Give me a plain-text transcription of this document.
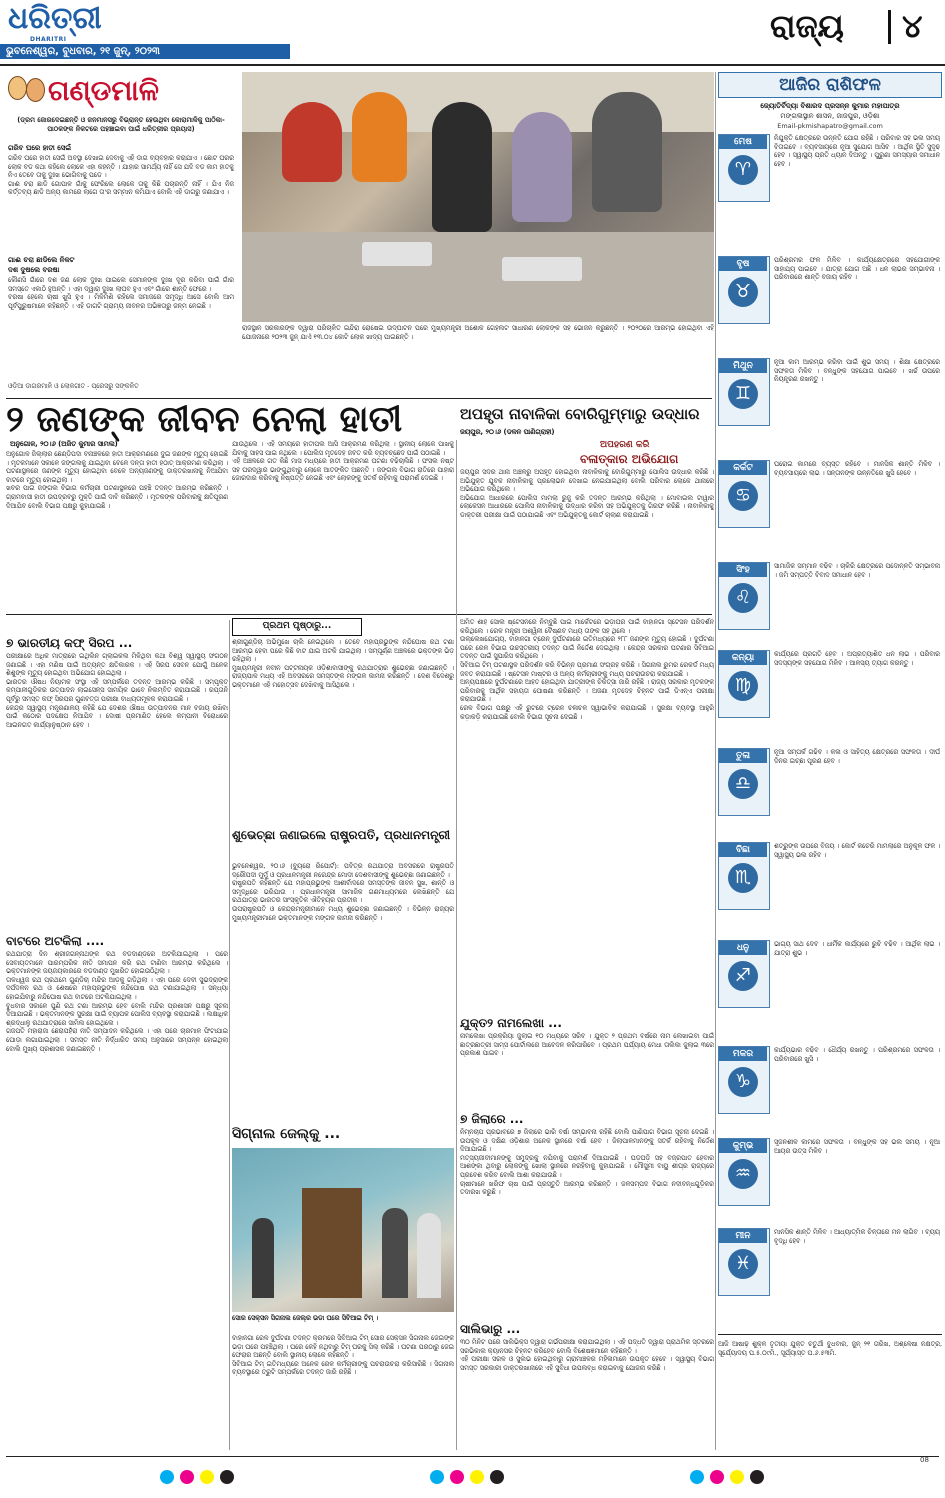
ଧରିତ୍ରୀ
DHARITRI
ଭୁବନେଶ୍ୱର, ବୁଧବାର, ୨୧ ଜୁନ୍, ୨୦୨୩
ରାଜ୍ୟ ୪
ଗଣ୍ଡମାଳି
(ଡ୍ରମ ଜୋରଦେଇଛନ୍ତି ଓ ଜନମାନସରୁ ବିଭ୍ରାନ୍ତ ହେଉଥିବା କୋରାମାଳିକୁ ପାଠିକା-ପାଠକଙ୍କ ନିକଟରେ ପହଞ୍ଚାଇବା ପାଇଁ ଧରିତ୍ରୀର ପ୍ରୟାସ)
ଗରିବ ଘରେ ହାତୀ ସେଇଁ
ଗରିବ ଘରେ ହାତୀ ସେଇଁ ଅବସ୍ଥା ଦେଖାଇ ଦେବାକୁ ଏହି ଡାଗ ବ୍ୟବହାର କରାଯାଏ । ଛୋଟ ଘରର ଲୋକ ବଡ କଥା କହିଲେ ଲୋକେ ଏହା କହନ୍ତି । ଯାହାର ସାମର୍ଥ୍ୟ ନାହିଁ ସେ ଯଦି ବଡ କାମ ହାତକୁ ନିଏ ତେବେ ତାକୁ ଦୁଃଖ ଭୋଗିବାକୁ ପଡେ ।
ଗାଈ ଚରା ଛାଡି ଗୋପାଳ ଗାଁକୁ ଫେରିଲେ ଲୋକେ ତାକୁ କିଛି ପଚାରନ୍ତି ନାହିଁ । ଯିଏ ନିଜ କର୍ତ୍ତବ୍ୟ ଛାଡି ଅନ୍ୟ କାମରେ ଲାଗେ ତା'ର ସମ୍ମାନ କମିଯାଏ ବୋଲି ଏହି ଡାଗରୁ ଜଣାଯାଏ ।
ଗାଈ ଚରା ଛାଡିଲେ ନିକଟ
ଦଶ ଦୁଷଲେ ବରଷା
କୌଣସି ଗାଁରେ ଦଶ ଜଣ ଲୋକ ଦୁଃଖ ପାଇଲେ ସେମାନଙ୍କ ଦୁଃଖ ଦୂର କରିବା ପାଇଁ ଗାଁର ସମସ୍ତେ ଏକାଠି ହୁଅନ୍ତି । ଏହା ଦ୍ୱାରା ଦୁଃଖ ଲାଘବ ହୁଏ ଏବଂ ଗାଁରେ ଶାନ୍ତି ଫେରେ ।
ବରଷା ହେଲେ ଚାଷୀ ଖୁସି ହୁଏ । ମିଳିମିଶି ରହିଲେ ସମାଜରେ ସମୃଦ୍ଧି ଆସେ ବୋଲି ଆମ ପୂର୍ବପୁରୁଷମାନେ କହିଛନ୍ତି । ଏହି ଡାଗଟି ଗ୍ରାମ୍ୟ ଜୀବନର ଅଭିଜ୍ଞତାରୁ ଜନ୍ମ ନେଇଛି ।
ଓଡ଼ିଆ ଡାଗରମାଳି ଓ ଲୋକଗୀତ - ପ୍ରେସରୁ ସଙ୍କଳିତ
ରାଜସ୍ଥାନ ସରକାରଙ୍କ ଦ୍ୱାରା ପରିଚାଳିତ ଇନ୍ଦିରା ରୋଷେଇ ଉଦ୍‌ଘାଟନ ପରେ ମୁଖ୍ୟମନ୍ତ୍ରୀ ଅଶୋକ ଗେହଲଟ ସାଧାରଣ ଲୋକଙ୍କ ସହ ଭୋଜନ କରୁଛନ୍ତି । ୨୦୨୦ରେ ଆରମ୍ଭ ହୋଇଥିବା ଏହି ଯୋଜନାରେ ୨୦୨୩ ଜୁନ୍ ଯାଏଁ ୧୩.୦୪ କୋଟି ଲୋକ ଖାଦ୍ୟ ପାଇଛନ୍ତି ।
ଆଜିର ରାଶିଫଳ
ଜ୍ୟୋତିର୍ବିଦ୍ୟା ବିଶାରଦ ପ୍ରସନ୍ନ କୁମାର ମହାପାତ୍ର
ମଙ୍ଗଳାସ୍ଥାନ ଶାସନ, ଜାଜପୁର, ଓଡ଼ିଶା
Email-pkmishapatro@gmail.com
ମେଷ
♈
ନିଯୁକ୍ତି କ୍ଷେତ୍ରରେ ଉନ୍ନତି ଯୋଗ ରହିଛି । ପରିବାର ସହ ଭଲ ସମୟ ବିତାଇବେ । ବ୍ୟବସାୟରେ ନୂଆ ସୁଯୋଗ ଆସିବ । ଆର୍ଥିକ ସ୍ଥିତି ସୁଦୃଢ ହେବ । ସ୍ୱାସ୍ଥ୍ୟ ପ୍ରତି ଧ୍ୟାନ ଦିଅନ୍ତୁ । ପୁରୁଣା ସମସ୍ୟାର ସମାଧାନ ହେବ ।
ବୃଷ
♉
ପରିଶ୍ରମର ଫଳ ମିଳିବ । କାର୍ଯ୍ୟକ୍ଷେତ୍ରରେ ସହଯୋଗୀଙ୍କ ସାହାଯ୍ୟ ପାଇବେ । ଯାତ୍ରା ଯୋଗ ଅଛି । ଧନ ଲାଭର ସମ୍ଭାବନା । ପରିବାରରେ ଶାନ୍ତି ବଜାୟ ରହିବ ।
ମିଥୁନ
♊
ନୂଆ କାମ ଆରମ୍ଭ କରିବା ପାଇଁ ଶୁଭ ସମୟ । ଶିକ୍ଷା କ୍ଷେତ୍ରରେ ସଫଳତା ମିଳିବ । ବନ୍ଧୁଙ୍କ ସହଯୋଗ ପାଇବେ । ଖର୍ଚ୍ଚ ଉପରେ ନିୟନ୍ତ୍ରଣ ରଖନ୍ତୁ ।
କର୍କଟ
♋
ଘରୋଇ କାମରେ ବ୍ୟସ୍ତ ରହିବେ । ମାନସିକ ଶାନ୍ତି ମିଳିବ । ବ୍ୟବସାୟରେ ଲାଭ । ସନ୍ତାନଙ୍କ ଉନ୍ନତିରେ ଖୁସି ହେବେ ।
ସିଂହ
♌
ସାମାଜିକ ସମ୍ମାନ ବଢିବ । ଚାକିରି କ୍ଷେତ୍ରରେ ପଦୋନ୍ନତି ସମ୍ଭାବନା । ଜମି ସମ୍ପତ୍ତି ବିବାଦ ସମାଧାନ ହେବ ।
କନ୍ୟା
♍
କାର୍ଯ୍ୟରେ ପ୍ରଗତି ହେବ । ଅପ୍ରତ୍ୟାଶିତ ଧନ ଲାଭ । ପରିବାର ସଦସ୍ୟଙ୍କ ସହଯୋଗ ମିଳିବ । ଆଳସ୍ୟ ତ୍ୟାଗ କରନ୍ତୁ ।
ତୁଳା
♎
ନୂଆ ସମ୍ପର୍କ ଗଢିବ । କଳା ଓ ସାହିତ୍ୟ କ୍ଷେତ୍ରରେ ସଫଳତା । ଦୀର୍ଘ ଦିନର ଇଚ୍ଛା ପୂରଣ ହେବ ।
ବିଛା
♏
ଶତ୍ରୁଙ୍କ ଉପରେ ବିଜୟ । କୋର୍ଟ କଚେରି ମାମଲାରେ ଅନୁକୂଳ ଫଳ । ସ୍ୱାସ୍ଥ୍ୟ ଭଲ ରହିବ ।
ଧନୁ
♐
ଭାଗ୍ୟ ସାଥ ଦେବ । ଧାର୍ମିକ କାର୍ଯ୍ୟରେ ରୁଚି ବଢିବ । ଆର୍ଥିକ ଲାଭ । ଯାତ୍ରା ଶୁଭ ।
ମକର
♑
କାର୍ଯ୍ୟଭାର ବଢିବ । ଧୈର୍ଯ୍ୟ ରଖନ୍ତୁ । ପରିଶ୍ରମରେ ସଫଳତା । ପରିବାରରେ ଖୁସି ।
କୁମ୍ଭ
♒
ସୃଜନଶୀଳ କାମରେ ସଫଳତା । ବନ୍ଧୁଙ୍କ ସହ ଭଲ ସମୟ । ନୂଆ ଆୟର ଉତ୍ସ ମିଳିବ ।
ମୀନ
♓
ମାନସିକ ଶାନ୍ତି ମିଳିବ । ଆଧ୍ୟାତ୍ମିକ ଚିନ୍ତାରେ ମନ ଲାଗିବ । ବ୍ୟୟ ବୃଦ୍ଧି ହେବ ।
ଆଜି ଆଷାଢ଼ ଶୁକ୍ଳ ତୃତୀୟା ଯୁକ୍ତ ଚତୁର୍ଥୀ ବୁଧବାର, ଜୁନ୍ ୨୧ ତାରିଖ, ଅଶ୍ଳେଷା ନକ୍ଷତ୍ର, ସୂର୍ଯ୍ୟୋଦୟ ଘ.୫.୦୯ମି., ସୂର୍ଯ୍ୟାସ୍ତ ଘ.୬.୫୩ମି.
୨ ଜଣଙ୍କ ଜୀବନ ନେଲା ହାତୀ
ଅନୁଗୋଳ, ୨୦।୬ (ଅଜିତ କୁମାର ସାମଲ)
ଅନୁଗୋଳ ଜିଲ୍ଲାର ଛେଣ୍ଡିପଦା ବନାଞ୍ଚଳରେ ହାତୀ ଆକ୍ରମଣରେ ଦୁଇ ଜଣଙ୍କ ମୃତ୍ୟୁ ହୋଇଛି । ମୃତକମାନେ ସକାଳେ ଜଙ୍ଗଲକୁ ଯାଇଥିବା ବେଳେ ଦନ୍ତା ହାତୀ ହଠାତ୍ ଆକ୍ରମଣ କରିଥିଲା । ଘଟଣାସ୍ଥଳରେ ଜଣଙ୍କ ମୃତ୍ୟୁ ହୋଇଥିବା ବେଳେ ଅନ୍ୟଜଣଙ୍କୁ ଡାକ୍ତରଖାନାକୁ ନିଆଯିବା ବାଟରେ ମୃତ୍ୟୁ ହୋଇଥିଲା ।
ଖବର ପାଇ ଜଙ୍ଗଲ ବିଭାଗ କର୍ମଚାରୀ ଘଟଣାସ୍ଥଳରେ ପହଞ୍ଚି ତଦନ୍ତ ଆରମ୍ଭ କରିଛନ୍ତି । ଗ୍ରାମବାସୀ ହାତୀ ଉପଦ୍ରବରୁ ମୁକ୍ତି ପାଇଁ ଦାବି କରିଛନ୍ତି । ମୃତକଙ୍କ ପରିବାରକୁ କ୍ଷତିପୂରଣ ଦିଆଯିବ ବୋଲି ବିଭାଗ ପକ୍ଷରୁ କୁହାଯାଇଛି ।
ଯାଉଥିଲେ । ଏହି ସମୟରେ ହାତୀପଲ ଆସି ଆକ୍ରମଣ କରିଥିଲା । ସ୍ଥାନୀୟ ଲୋକେ ପାଖକୁ ଯିବାକୁ ସାହସ ପାଇ ନଥିଲେ । ପୋଲିସ ମୃତଦେହ ଜବତ କରି ବ୍ୟବଚ୍ଛେଦ ପାଇଁ ପଠାଇଛି ।
ଏହି ଅଞ୍ଚଳରେ ଗତ କିଛି ମାସ ମଧ୍ୟରେ ହାତୀ ଆକ୍ରମଣ ଘଟଣା ବଢିଚାଲିଛି । ଫସଲ ନଷ୍ଟ ସହ ଘରଦ୍ୱାର ଭାଙ୍ଗୁଥିବାରୁ ଲୋକେ ଆତଙ୍କିତ ଅଛନ୍ତି । ଜଙ୍ଗଲ ବିଭାଗ ରାତିରେ ପାହାରା ଜୋରଦାର କରିବାକୁ ନିଷ୍ପତ୍ତି ନେଇଛି ଏବଂ ଲୋକଙ୍କୁ ସତର୍କ ରହିବାକୁ ପରାମର୍ଶ ଦେଇଛି ।
ଅପହୃତା ନାବାଳିକା ବୋରିଗୁମ୍ମାରୁ ଉଦ୍ଧାର
ଜୟପୁର, ୨୦।୬ (ଡଳନ ପାଣିଗ୍ରାହୀ)
ଅପହରଣ କରି
ବଳାତ୍କାର ଅଭିଯୋଗ
ଜୟପୁର ସଦର ଥାନା ଅଞ୍ଚଳରୁ ଅପହୃତ ହୋଇଥିବା ନାବାଳିକାକୁ ବୋରିଗୁମ୍ମାରୁ ପୋଲିସ ଉଦ୍ଧାର କରିଛି । ଅଭିଯୁକ୍ତ ଯୁବକ ନାବାଳିକାକୁ ପ୍ରଲୋଭନ ଦେଖାଇ ନେଇଯାଇଥିଲା ବୋଲି ପରିବାର ଲୋକେ ଥାନାରେ ଅଭିଯୋଗ କରିଥିଲେ ।
ଅଭିଯୋଗ ଆଧାରରେ ପୋଲିସ ମାମଲା ରୁଜୁ କରି ତଦନ୍ତ ଆରମ୍ଭ କରିଥିଲା । ମୋବାଇଲ ଟାୱାର ଲୋକେସନ ଆଧାରରେ ପୋଲିସ ନାବାଳିକାକୁ ଉଦ୍ଧାର କରିବା ସହ ଅଭିଯୁକ୍ତକୁ ଗିରଫ କରିଛି । ନାବାଳିକାକୁ ଡାକ୍ତରୀ ପରୀକ୍ଷା ପାଇଁ ପଠାଯାଇଛି ଏବଂ ଅଭିଯୁକ୍ତକୁ କୋର୍ଟ ଚାଲାଣ କରାଯାଇଛି ।
ପ୍ରଥମ ପୃଷ୍ଠାରୁ...
୭ ଭାରତୀୟ କଫ୍ ସିରପ ...
ପରୀକ୍ଷାରେ ଅଧିକ ମାତ୍ରାରେ ଇଥିଲିନ ଗ୍ଲାଇକଲ ମିଳିଥିବା କଥା ବିଶ୍ୱ ସ୍ୱାସ୍ଥ୍ୟ ସଂଗଠନ ଜଣାଇଛି । ଏହା ମଣିଷ ପାଇଁ ଅତ୍ୟନ୍ତ କ୍ଷତିକାରକ । ଏହି ସିରପ ସେବନ ଯୋଗୁଁ ଅନେକ ଶିଶୁଙ୍କ ମୃତ୍ୟୁ ହୋଇଥିବା ଅଭିଯୋଗ ହୋଇଥିଲା ।
ଭାରତର ଔଷଧ ନିୟାମକ ସଂସ୍ଥା ଏହି ସମ୍ପର୍କରେ ତଦନ୍ତ ଆରମ୍ଭ କରିଛି । ସମ୍ପୃକ୍ତ କମ୍ପାନୀଗୁଡ଼ିକର ଉତ୍ପାଦନ ଲାଇସେନ୍ସ ସାମୟିକ ଭାବେ ନିଲମ୍ବିତ କରାଯାଇଛି । ରପ୍ତାନି ପୂର୍ବରୁ ସମସ୍ତ କଫ୍ ସିରପର ଗୁଣବତ୍ତା ପରୀକ୍ଷା ବାଧ୍ୟତାମୂଳକ କରାଯାଇଛି ।
କେନ୍ଦ୍ର ସ୍ୱାସ୍ଥ୍ୟ ମନ୍ତ୍ରଣାଳୟ କହିଛି ଯେ ଦେଶର ଔଷଧ ଉତ୍ପାଦନର ମାନ ବଜାୟ ରଖିବା ପାଇଁ କଠୋର ପଦକ୍ଷେପ ନିଆଯିବ । ଦୋଷୀ ପ୍ରମାଣିତ ହେଲେ କମ୍ପାନୀ ବିରୋଧରେ ଆଇନଗତ କାର୍ଯ୍ୟାନୁଷ୍ଠାନ ହେବ ।
ବାଟରେ ଅଟକିଲା ....
ରଥଯାତ୍ରା ଦିନ ଶ୍ରୀଜଗନ୍ନାଥଙ୍କ ରଥ ବଡଦାଣ୍ଡରେ ଅଟକିଯାଇଥିଲା । ପରେ ସେବାୟତମାନେ ପାରମ୍ପରିକ ନୀତି ସମାପନ କରି ରଥ ଟାଣିବା ଆରମ୍ଭ କରିଥିଲେ । ଭକ୍ତମାନଙ୍କ ଜୟଜୟକାରରେ ବଡଦାଣ୍ଡ ମୁଖରିତ ହୋଇଉଠିଥିଲା ।
ତାଳଧ୍ୱଜ ରଥ ପ୍ରଥମେ ଗୁଣ୍ଡିଚା ମନ୍ଦିର ଆଡ଼କୁ ଗଡ଼ିଥିଲା । ଏହା ପରେ ଦେବୀ ସୁଭଦ୍ରାଙ୍କ ଦର୍ପଦଳନ ରଥ ଓ ଶେଷରେ ମହାପ୍ରଭୁଙ୍କ ନନ୍ଦିଘୋଷ ରଥ ଟଣାଯାଇଥିଲା । ସନ୍ଧ୍ୟା ହୋଇଯିବାରୁ ନନ୍ଦିଘୋଷ ରଥ ବାଟରେ ଅଟକିଯାଇଥିଲା ।
ବୁଧବାର ସକାଳେ ପୁଣି ରଥ ଟଣା ଆରମ୍ଭ ହେବ ବୋଲି ମନ୍ଦିର ପ୍ରଶାସନ ପକ୍ଷରୁ ସୂଚନା ଦିଆଯାଇଛି । ଭକ୍ତମାନଙ୍କ ସୁରକ୍ଷା ପାଇଁ ବ୍ୟାପକ ପୋଲିସ ବ୍ୟବସ୍ଥା କରାଯାଇଛି । ଲକ୍ଷାଧିକ ଶ୍ରଦ୍ଧାଳୁ ରଥଯାତ୍ରାରେ ସାମିଲ ହୋଇଥିଲେ ।
ଗଜପତି ମହାରାଜା ଛେରାପହଁରା ନୀତି ସମ୍ପାଦନ କରିଥିଲେ । ଏହା ପରେ ଚାରମାଳ ଫିଟାଯାଇ ଘୋଡ଼ା ଲଗାଯାଇଥିଲା । ସମସ୍ତ ନୀତି ନିର୍ଦ୍ଧାରିତ ସମୟ ଅନୁସାରେ ସମ୍ପନ୍ନ ହୋଇଥିଲା ବୋଲି ମୁଖ୍ୟ ପ୍ରଶାସକ ଜଣାଇଛନ୍ତି ।
ଶ୍ରୀଗୁଣ୍ଡିଚା ଅଭିମୁଖେ ଚାଲି ନେଇଥିଲେ । ତେବେ ମହାପ୍ରଭୁଙ୍କ ନନ୍ଦିଘୋଷ ରଥ ଟଣା ଆରମ୍ଭ ହେବା ପରେ କିଛି ବାଟ ଯାଇ ଅଟକି ଯାଇଥିଲା । ସମ୍ପୂର୍ଣ୍ଣ ଅଞ୍ଚଳରେ ଭକ୍ତଙ୍କ ଭିଡ଼ ରହିଥିଲା ।
ମୁଖ୍ୟମନ୍ତ୍ରୀ ନବୀନ ପଟ୍ଟନାୟକ ଓଡ଼ିଶାବାସୀଙ୍କୁ ରଥଯାତ୍ରାର ଶୁଭେଚ୍ଛା ଜଣାଇଛନ୍ତି । ରାଜ୍ୟପାଳ ମଧ୍ୟ ଏହି ଅବସରରେ ସମସ୍ତଙ୍କ ମଙ୍ଗଳ କାମନା କରିଛନ୍ତି । ଦେଶ ବିଦେଶରୁ ଭକ୍ତମାନେ ଏହି ମହୋତ୍ସବ ଦେଖିବାକୁ ଆସିଥିଲେ ।
ଶୁଭେଚ୍ଛା ଜଣାଇଲେ ରାଷ୍ଟ୍ରପତି, ପ୍ରଧାନମନ୍ତ୍ରୀ
ଭୁବନେଶ୍ୱର, ୨୦।୬ (ବ୍ୟୁରୋ ରିପୋର୍ଟ): ପବିତ୍ର ରଥଯାତ୍ରା ଅବସରରେ ରାଷ୍ଟ୍ରପତି ଦ୍ରୌପଦୀ ମୁର୍ମୁ ଓ ପ୍ରଧାନମନ୍ତ୍ରୀ ନରେନ୍ଦ୍ର ମୋଦୀ ଦେଶବାସୀଙ୍କୁ ଶୁଭେଚ୍ଛା ଜଣାଇଛନ୍ତି ।
ରାଷ୍ଟ୍ରପତି କହିଛନ୍ତି ଯେ ମହାପ୍ରଭୁଙ୍କ ଆଶୀର୍ବାଦରେ ସମସ୍ତଙ୍କ ଜୀବନ ସୁଖ, ଶାନ୍ତି ଓ ସମୃଦ୍ଧିରେ ଭରିଯାଉ । ପ୍ରଧାନମନ୍ତ୍ରୀ ସାମାଜିକ ଗଣମାଧ୍ୟମରେ ଲେଖିଛନ୍ତି ଯେ ରଥଯାତ୍ରା ଭାରତର ସାଂସ୍କୃତିକ ଐତିହ୍ୟର ପ୍ରତୀକ ।
ଉପରାଷ୍ଟ୍ରପତି ଓ କେନ୍ଦ୍ରମନ୍ତ୍ରୀମାନେ ମଧ୍ୟ ଶୁଭେଚ୍ଛା ଜଣାଇଛନ୍ତି । ବିଭିନ୍ନ ରାଜ୍ୟର ମୁଖ୍ୟମନ୍ତ୍ରୀମାନେ ଭକ୍ତମାନଙ୍କ ମଙ୍ଗଳ କାମନା କରିଛନ୍ତି ।
ସିଗ୍ନାଲ ଜେଲ୍‌କୁ ...
ସୋର ସେକ୍ସନ ସିଗନାଲ ଜେଲ୍‌ର ଭଡା ଘରେ ସିବିଆଇ ଟିମ୍ ।
ବାହାନଗା ରେଳ ଦୁର୍ଘଟଣା ତଦନ୍ତ କ୍ରମରେ ସିବିଆଇ ଟିମ୍ ସୋର ସେକ୍ସନ ସିଗନାଲ ଜେଇଙ୍କ ଭଡ଼ା ଘରେ ପହଞ୍ଚିଥିଲା । ଘରେ କେହି ନଥିବାରୁ ଟିମ୍ ଘରକୁ ସିଲ୍ କରିଛି । ଘଟଣା ପରଠାରୁ ଜେଇ ଫେରାର ଅଛନ୍ତି ବୋଲି ସ୍ଥାନୀୟ ଲୋକେ କହିଛନ୍ତି ।
ସିବିଆଇ ଟିମ୍ ଇତିମଧ୍ୟରେ ଅନେକ ରେଳ କର୍ମଚାରୀଙ୍କୁ ପଚରାଉଚରା କରିସାରିଛି । ସିଗନାଲ ବ୍ୟବସ୍ଥାରେ ତ୍ରୁଟି ସମ୍ପର୍କରେ ତଦନ୍ତ ଜାରି ରହିଛି ।
ଅମିତ ଶାହ ସୋଲ ଷ୍ଟେସନରେ ନିମ୍ବୁଛି ପାଇ ମାର୍କେଟରେ ଭଡ଼ାଘର ପାଇଁ ବାହାନଗା ସ୍ଟେସନ ପରିଦର୍ଶନ କରିଥିଲେ । ରେଳ ମନ୍ତ୍ରୀ ଅଶ୍ୱିନୀ ବୈଷ୍ଣବ ମଧ୍ୟ ତାଙ୍କ ସହ ଥିଲେ ।
ଉଲ୍ଲେଖଯୋଗ୍ୟ, ବାହାନଗା ଟ୍ରେନ୍ ଦୁର୍ଘଟଣାରେ ଇତିମଧ୍ୟରେ ୨୮୮ ଜଣଙ୍କ ମୃତ୍ୟୁ ହୋଇଛି । ଦୁର୍ଘଟଣା ପରେ ରେଳ ବିଭାଗ ଉଚ୍ଚସ୍ତରୀୟ ତଦନ୍ତ ପାଇଁ ନିର୍ଦ୍ଦେଶ ଦେଇଥିଲା । କେନ୍ଦ୍ର ସରକାର ଘଟଣାର ସିବିଆଇ ତଦନ୍ତ ପାଇଁ ସୁପାରିସ କରିଥିଲେ ।
ସିବିଆଇ ଟିମ୍ ଘଟଣାସ୍ଥଳ ପରିଦର୍ଶନ କରି ବିଭିନ୍ନ ପ୍ରମାଣ ସଂଗ୍ରହ କରିଛି । ସିଗନାଲ ରୁମର ରେକର୍ଡ ମଧ୍ୟ ଜବତ କରାଯାଇଛି । ଷ୍ଟେସନ ମାଷ୍ଟର ଓ ଅନ୍ୟ କର୍ମଚାରୀଙ୍କୁ ମଧ୍ୟ ପଚରାଉଚରା କରାଯାଇଛି ।
ଅନ୍ୟପକ୍ଷରେ ଦୁର୍ଘଟଣାରେ ଆହତ ହୋଇଥିବା ଯାତ୍ରୀଙ୍କ ଚିକିତ୍ସା ଜାରି ରହିଛି । ରାଜ୍ୟ ସରକାର ମୃତକଙ୍କ ପରିବାରକୁ ଆର୍ଥିକ ସହାୟତା ଘୋଷଣା କରିଛନ୍ତି । ଅଜଣା ମୃତଦେହ ଚିହ୍ନଟ ପାଇଁ ଡିଏନ୍ଏ ପରୀକ୍ଷା କରାଯାଉଛି ।
ରେଳ ବିଭାଗ ପକ୍ଷରୁ ଏହି ରୁଟରେ ଟ୍ରେନ ଚଳାଚଳ ସ୍ୱାଭାବିକ କରାଯାଇଛି । ସୁରକ୍ଷା ବ୍ୟବସ୍ଥା ଆହୁରି କଡ଼ାକଡ଼ି କରାଯାଇଛି ବୋଲି ବିଭାଗ ସୂଚନା ଦେଇଛି ।
ଯୁକ୍ତ୨ ନାମଲେଖା ...
ନାମଲେଖା ପ୍ରକ୍ରିୟା ଜୁଲାଇ ୧୦ ମଧ୍ୟରେ ସରିବ । ଯୁକ୍ତ ୨ ପ୍ରଥମ ବର୍ଷରେ ନାମ ଲେଖାଇବା ପାଇଁ ଛାତ୍ରଛାତ୍ରୀ ସାମ୍ସ ପୋର୍ଟାଲରେ ଆବେଦନ କରିପାରିବେ । ପ୍ରଥମ ପର୍ଯ୍ୟାୟ ମେଧା ତାଲିକା ଜୁଲାଇ ୩ରେ ପ୍ରକାଶ ପାଇବ ।
୭ ଜିଲାରେ ...
ନିମ୍ନଚାପ ପ୍ରଭାବରେ ୭ ଜିଲାରେ ଭାରି ବର୍ଷା ସମ୍ଭାବନା ରହିଛି ବୋଲି ପାଣିପାଗ ବିଭାଗ ସୂଚନା ଦେଇଛି । ଉପକୂଳ ଓ ଦକ୍ଷିଣ ଓଡ଼ିଶାର ଅନେକ ସ୍ଥାନରେ ବର୍ଷା ହେବ । ଜିଲାପାଳମାନଙ୍କୁ ସତର୍କ ରହିବାକୁ ନିର୍ଦ୍ଦେଶ ଦିଆଯାଇଛି ।
ମତ୍ସ୍ୟଜୀବୀମାନଙ୍କୁ ସମୁଦ୍ରକୁ ନଯିବାକୁ ପରାମର୍ଶ ଦିଆଯାଇଛି । ଘଡ଼ଘଡ଼ି ସହ ବଜ୍ରପାତ ହେବାର ଆଶଙ୍କା ଥିବାରୁ ଲୋକଙ୍କୁ ଖୋଲା ସ୍ଥାନରେ ନରହିବାକୁ କୁହାଯାଇଛି । ମୌସୁମୀ ବାୟୁ ଶୀଘ୍ର ରାଜ୍ୟରେ ପ୍ରବେଶ କରିବ ବୋଲି ଆଶା କରାଯାଉଛି ।
ଚାଷୀମାନେ ଖରିଫ ଚାଷ ପାଇଁ ପ୍ରସ୍ତୁତି ଆରମ୍ଭ କରିଛନ୍ତି । ଜଳସମ୍ପଦ ବିଭାଗ ନଦୀବନ୍ଧଗୁଡ଼ିକର ତଦାରଖ କରୁଛି ।
ସାଲିଭାରୁ ...
୩୦ ମିନିଟ ପରେ ସାଲିଭିକ୍ସ ଦ୍ୱାରା ଗର୍ଭପରୀକ୍ଷା କରାଯାଇଥିଲା । ଏହି ପଦ୍ଧତି ଦ୍ୱାରା ପ୍ରାଥମିକ ସ୍ତରରେ ସରଭିକାଲ କ୍ୟାନସର ଚିହ୍ନଟ କରିହେବ ବୋଲି ବିଶେଷଜ୍ଞମାନେ କହିଛନ୍ତି ।
ଏହି ପରୀକ୍ଷା ସରଳ ଓ ସୁଲଭ ହୋଇଥିବାରୁ ଗ୍ରାମାଞ୍ଚଳର ମହିଳାମାନେ ଉପକୃତ ହେବେ । ସ୍ୱାସ୍ଥ୍ୟ ବିଭାଗ ସମସ୍ତ ସରକାରୀ ଡାକ୍ତରଖାନାରେ ଏହି ସୁବିଧା ଉପଲବ୍ଧ କରାଇବାକୁ ଯୋଜନା କରିଛି ।
08
